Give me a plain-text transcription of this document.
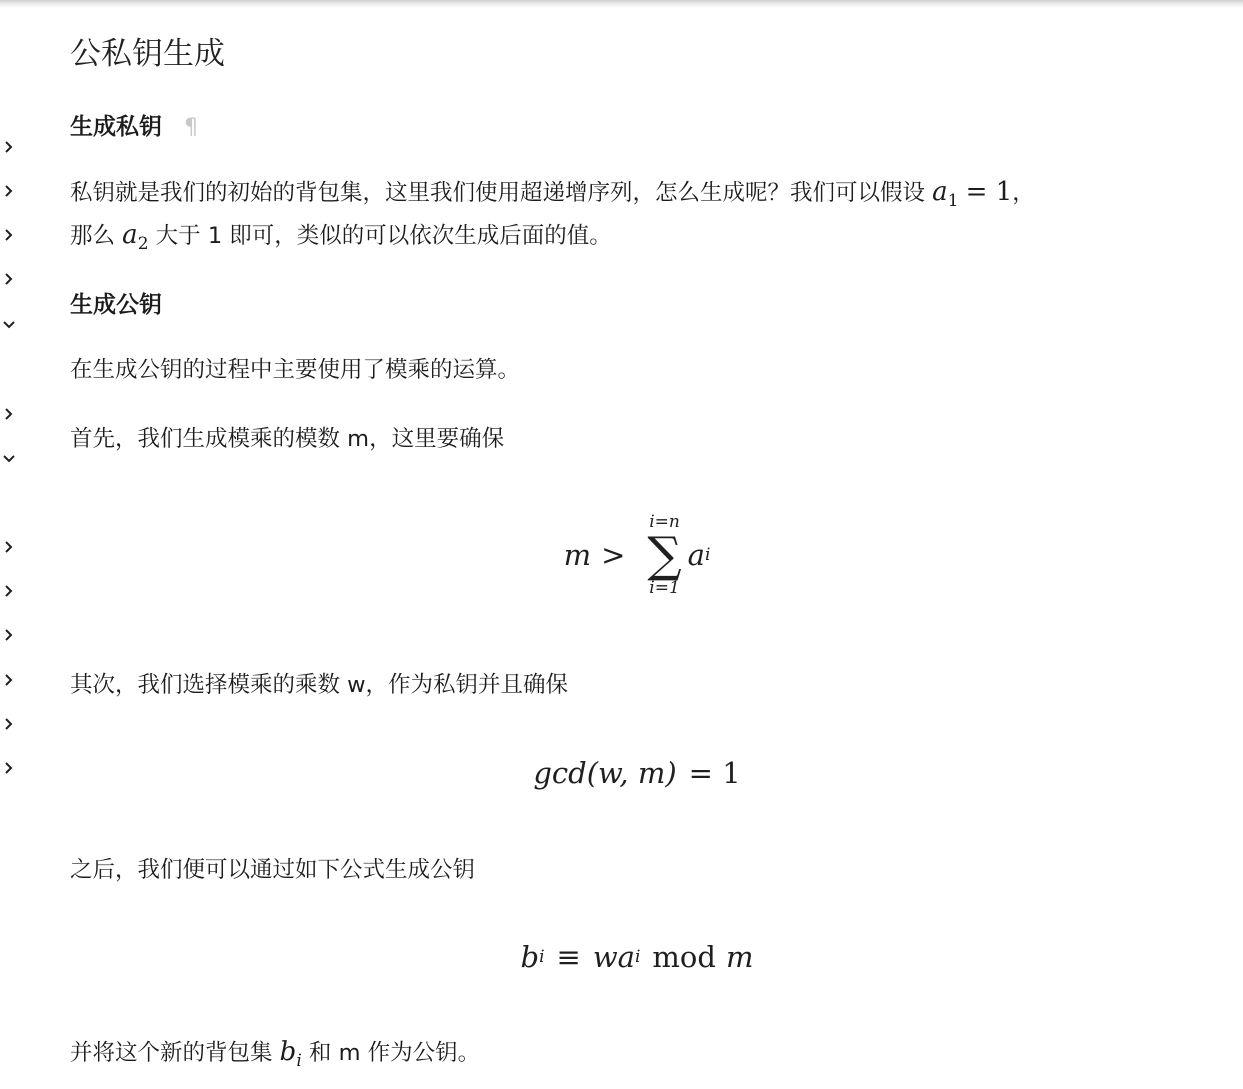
公私钥生成
生成私钥 ¶

私钥就是我们的初始的背包集，这里我们使用超递增序列，怎么生成呢？我们可以假设 $a_1 = 1$，

那么 $a_2$ 大于 1 即可，类似的可以依次生成后面的值。

生成公钥

在生成公钥的过程中主要使用了模乘的运算。

首先，我们生成模乘的模数 m，这里要确保

m >
i=n
∑
i=1
a i

其次，我们选择模乘的乘数 w，作为私钥并且确保

gcd(w, m) = 1

之后，我们便可以通过如下公式生成公钥

b i ≡ wa i mod m

并将这个新的背包集 $b_i$ 和 m 作为公钥。
